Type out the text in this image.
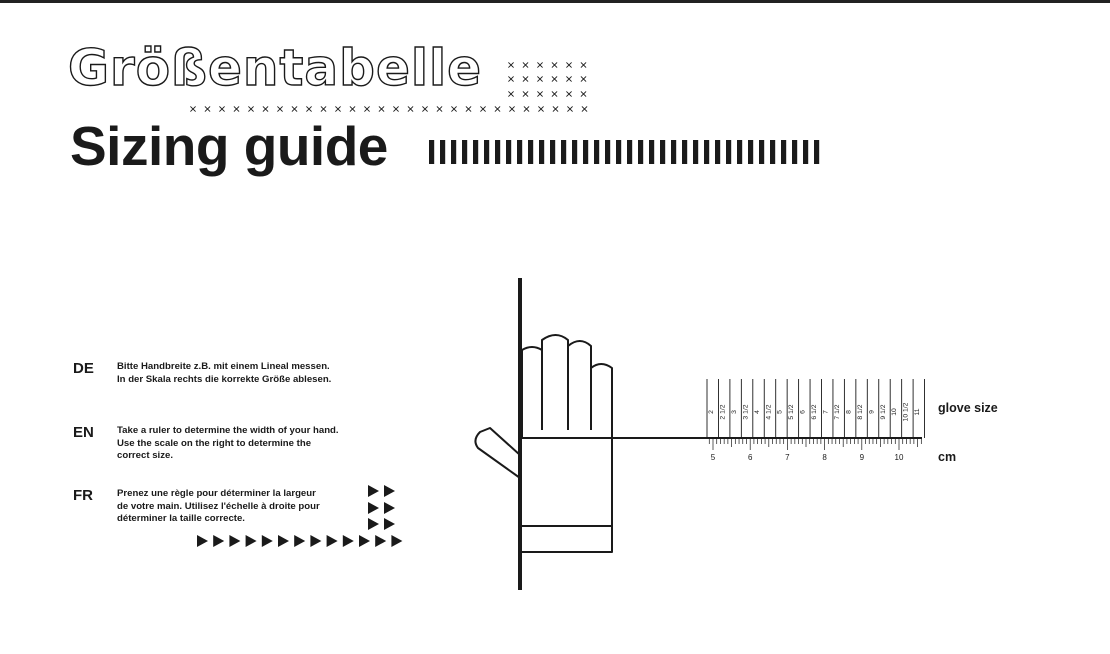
Größentabelle
Sizing guide
DE Bitte Handbreite z.B. mit einem Lineal messen.
In der Skala rechts die korrekte Größe ablesen.

EN Take a ruler to determine the width of your hand.
Use the scale on the right to determine the
correct size.

FR	Prenez une règle pour déterminer la largeur
de votre main. Utilisez l'échelle à droite pour
déterminer la taille correcte.

2 2 1/2 3 3 1/2 4 4 1/2 5 5 1/2 6 6 1/2 7 7 1/2 8 8 1/2 9 9 1/2 10 10 1/2 11
5	6	7	8	9	10
glove size
cm
